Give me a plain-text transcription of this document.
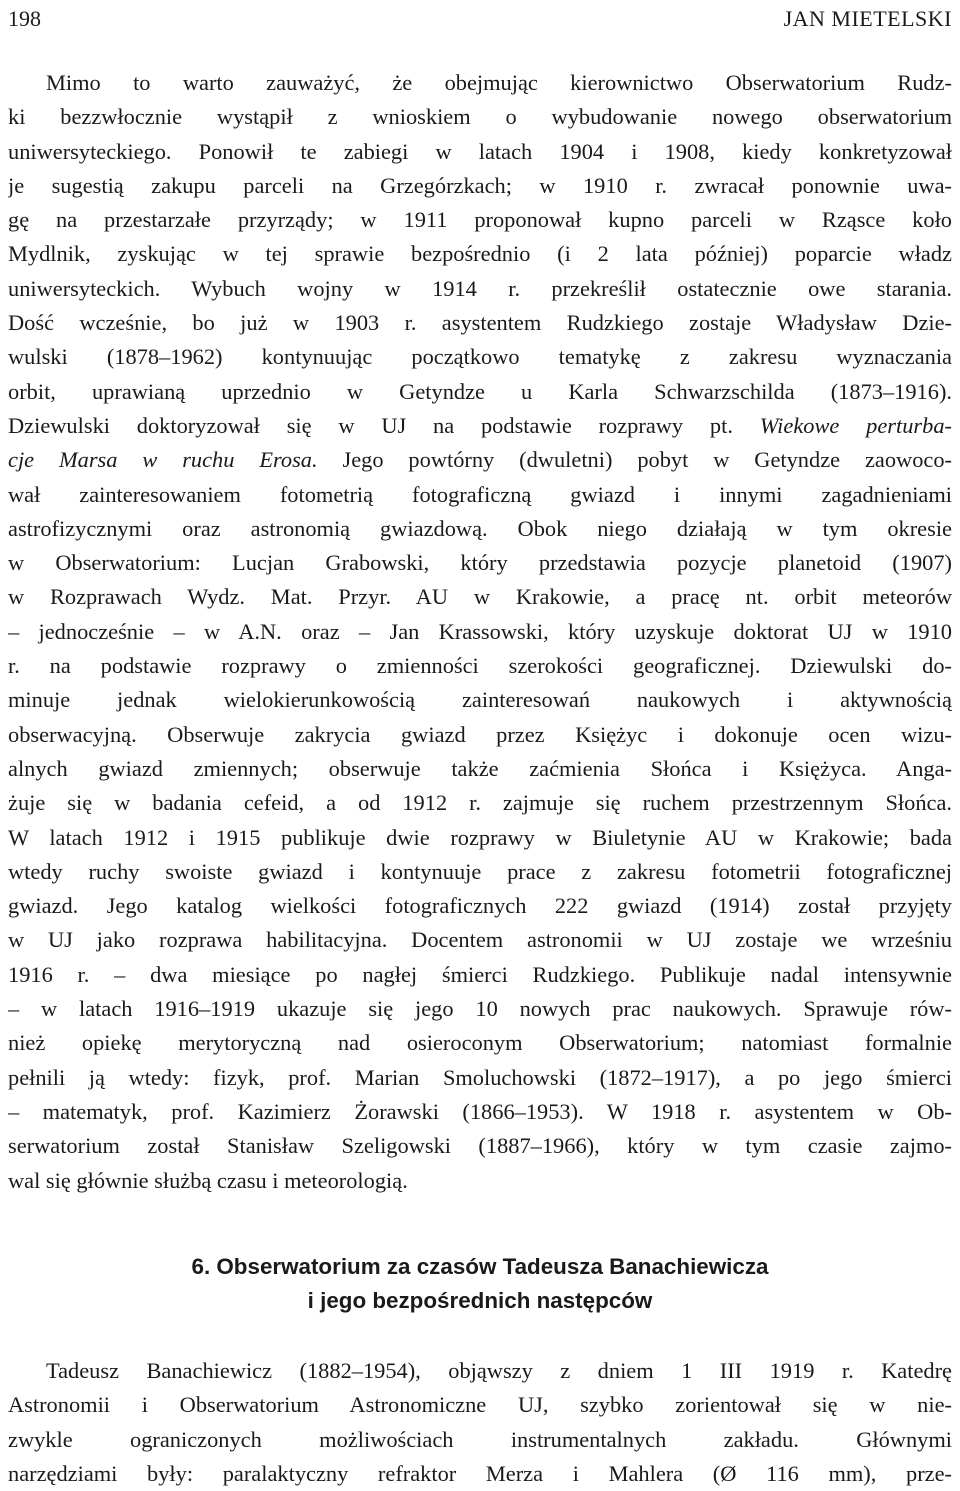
198	JAN MIETELSKI
Mimo to warto zauważyć, że obejmując kierownictwo Obserwatorium Rudz-
ki bezzwłocznie wystąpił z wnioskiem o wybudowanie nowego obserwatorium
uniwersyteckiego. Ponowił te zabiegi w latach 1904 i 1908, kiedy konkretyzował
je sugestią zakupu parceli na Grzegórzkach; w 1910 r. zwracał ponownie uwa-
gę na przestarzałe przyrządy; w 1911 proponował kupno parceli w Rząsce koło
Mydlnik, zyskując w tej sprawie bezpośrednio (i 2 lata później) poparcie władz
uniwersyteckich. Wybuch wojny w 1914 r. przekreślił ostatecznie owe starania.
Dość wcześnie, bo już w 1903 r. asystentem Rudzkiego zostaje Władysław Dzie-
wulski (1878–1962) kontynuując początkowo tematykę z zakresu wyznaczania
orbit, uprawianą uprzednio w Getyndze u Karla Schwarzschilda (1873–1916).
Dziewulski doktoryzował się w UJ na podstawie rozprawy pt. Wiekowe perturba-
cje Marsa w ruchu Erosa. Jego powtórny (dwuletni) pobyt w Getyndze zaowoco-
wał zainteresowaniem fotometrią fotograficzną gwiazd i innymi zagadnieniami
astrofizycznymi oraz astronomią gwiazdową. Obok niego działają w tym okresie
w Obserwatorium: Lucjan Grabowski, który przedstawia pozycje planetoid (1907)
w Rozprawach Wydz. Mat. Przyr. AU w Krakowie, a pracę nt. orbit meteorów
– jednocześnie – w A.N. oraz – Jan Krassowski, który uzyskuje doktorat UJ w 1910
r. na podstawie rozprawy o zmienności szerokości geograficznej. Dziewulski do-
minuje jednak wielokierunkowością zainteresowań naukowych i aktywnością
obserwacyjną. Obserwuje zakrycia gwiazd przez Księżyc i dokonuje ocen wizu-
alnych gwiazd zmiennych; obserwuje także zaćmienia Słońca i Księżyca. Anga-
żuje się w badania cefeid, a od 1912 r. zajmuje się ruchem przestrzennym Słońca.
W latach 1912 i 1915 publikuje dwie rozprawy w Biuletynie AU w Krakowie; bada
wtedy ruchy swoiste gwiazd i kontynuuje prace z zakresu fotometrii fotograficznej
gwiazd. Jego katalog wielkości fotograficznych 222 gwiazd (1914) został przyjęty
w UJ jako rozprawa habilitacyjna. Docentem astronomii w UJ zostaje we wrześniu
1916 r. – dwa miesiące po nagłej śmierci Rudzkiego. Publikuje nadal intensywnie
– w latach 1916–1919 ukazuje się jego 10 nowych prac naukowych. Sprawuje rów-
nież opiekę merytoryczną nad osieroconym Obserwatorium; natomiast formalnie
pełnili ją wtedy: fizyk, prof. Marian Smoluchowski (1872–1917), a po jego śmierci
– matematyk, prof. Kazimierz Żorawski (1866–1953). W 1918 r. asystentem w Ob-
serwatorium został Stanisław Szeligowski (1887–1966), który w tym czasie zajmo-
wal się głównie służbą czasu i meteorologią.
6. Obserwatorium za czasów Tadeusza Banachiewicza
i jego bezpośrednich następców
Tadeusz Banachiewicz (1882–1954), objąwszy z dniem 1 III 1919 r. Katedrę
Astronomii i Obserwatorium Astronomiczne UJ, szybko zorientował się w nie-
zwykle ograniczonych możliwościach instrumentalnych zakładu. Głównymi
narzędziami były: paralaktyczny refraktor Merza i Mahlera (Ø 116 mm), prze-
